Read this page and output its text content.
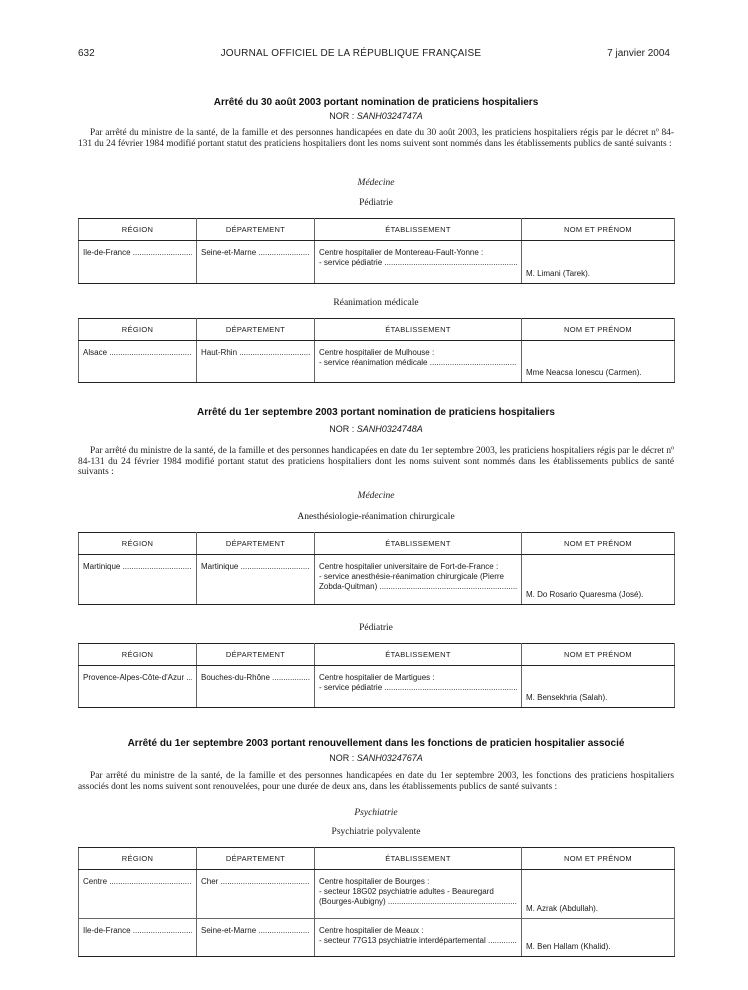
632	JOURNAL OFFICIEL DE LA RÉPUBLIQUE FRANÇAISE	7 janvier 2004
Arrêté du 30 août 2003 portant nomination de praticiens hospitaliers
NOR : SANH0324747A
Par arrêté du ministre de la santé, de la famille et des personnes handicapées en date du 30 août 2003, les praticiens hospitaliers régis par le décret nº 84-131 du 24 février 1984 modifié portant statut des praticiens hospitaliers dont les noms suivent sont nommés dans les établissements publics de santé suivants :
Médecine
Pédiatrie
RÉGION	DÉPARTEMENT	ÉTABLISSEMENT	NOM ET PRÉNOM

Ile-de-France .....	Seine-et-Marne .....	Centre hospitalier de Montereau-Fault-Yonne :
- service pédiatrie .....	M. Limani (Tarek).
Réanimation médicale
RÉGION	DÉPARTEMENT	ÉTABLISSEMENT	NOM ET PRÉNOM

Alsace .....	Haut-Rhin .....	Centre hospitalier de Mulhouse :
- service réanimation médicale .....	Mme Neacsa Ionescu (Carmen).
Arrêté du 1er septembre 2003 portant nomination de praticiens hospitaliers
NOR : SANH0324748A
Par arrêté du ministre de la santé, de la famille et des personnes handicapées en date du 1er septembre 2003, les praticiens hospitaliers régis par le décret nº 84-131 du 24 février 1984 modifié portant statut des praticiens hospitaliers dont les noms suivent sont nommés dans les établissements publics de santé suivants :
Médecine
Anesthésiologie-réanimation chirurgicale
RÉGION	DÉPARTEMENT	ÉTABLISSEMENT	NOM ET PRÉNOM

Martinique .....	Martinique .....	Centre hospitalier universitaire de Fort-de-France :
- service anesthésie-réanimation chirurgicale (Pierre
Zobda-Quitman) .....	M. Do Rosario Quaresma (José).
Pédiatrie
RÉGION	DÉPARTEMENT	ÉTABLISSEMENT	NOM ET PRÉNOM

Provence-Alpes-Côte-d'Azur .....	Bouches-du-Rhône .....	Centre hospitalier de Martigues :
- service pédiatrie .....	M. Bensekhria (Salah).
Arrêté du 1er septembre 2003 portant renouvellement dans les fonctions de praticien hospitalier associé
NOR : SANH0324767A
Par arrêté du ministre de la santé, de la famille et des personnes handicapées en date du 1er septembre 2003, les fonctions des praticiens hospitaliers associés dont les noms suivent sont renouvelées, pour une durée de deux ans, dans les établissements publics de santé suivants :
Psychiatrie
Psychiatrie polyvalente
RÉGION	DÉPARTEMENT	ÉTABLISSEMENT	NOM ET PRÉNOM

Centre .....	Cher .....	Centre hospitalier de Bourges :
- secteur 18G02 psychiatrie adultes - Beauregard
(Bourges-Aubigny) .....	M. Azrak (Abdullah).

Ile-de-France .....	Seine-et-Marne .....	Centre hospitalier de Meaux :
- secteur 77G13 psychiatrie interdépartemental .....	M. Ben Hallam (Khalid).
